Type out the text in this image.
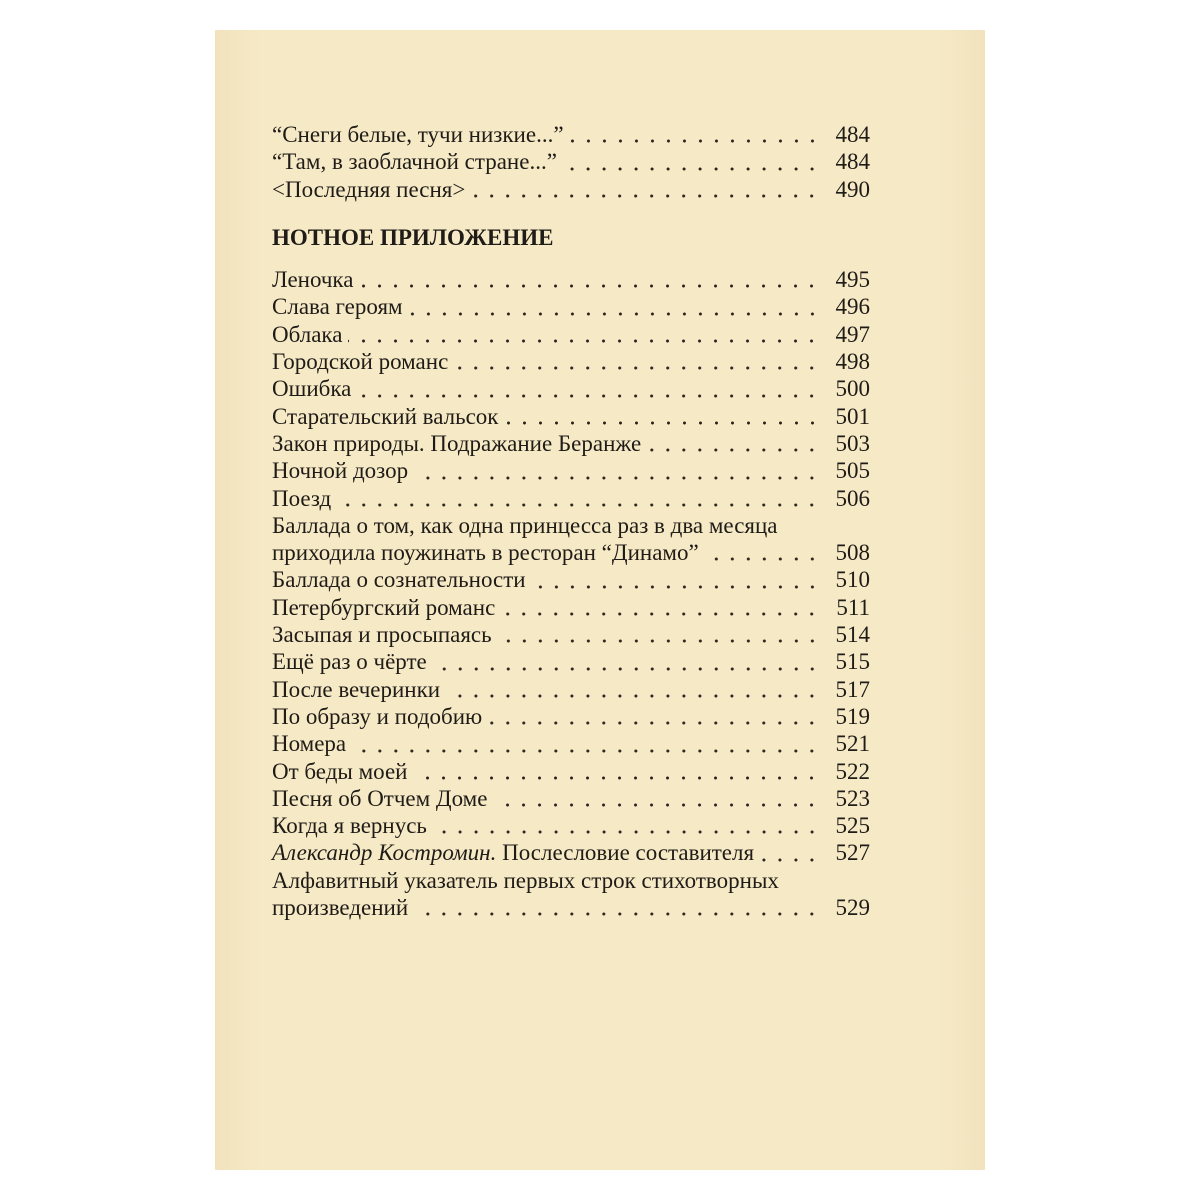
“Снеги белые, тучи низкие...”	484
“Там, в заоблачной стране...”	484
<Последняя песня>	490
НОТНОЕ ПРИЛОЖЕНИЕ
Леночка	495
Слава героям	496
Облака	497
Городской романс	498
Ошибка	500
Старательский вальсок	501
Закон природы. Подражание Беранже	503
Ночной дозор	505
Поезд	506
Баллада о том, как одна принцесса раз в два месяца
приходила поужинать в ресторан “Динамо”	508
Баллада о сознательности	510
Петербургский романс	511
Засыпая и просыпаясь	514
Ещё раз о чёрте	515
После вечеринки	517
По образу и подобию	519
Номера	521
От беды моей	522
Песня об Отчем Доме	523
Когда я вернусь	525
Александр Костромин. Послесловие составителя	527
Алфавитный указатель первых строк стихотворных
произведений	529
